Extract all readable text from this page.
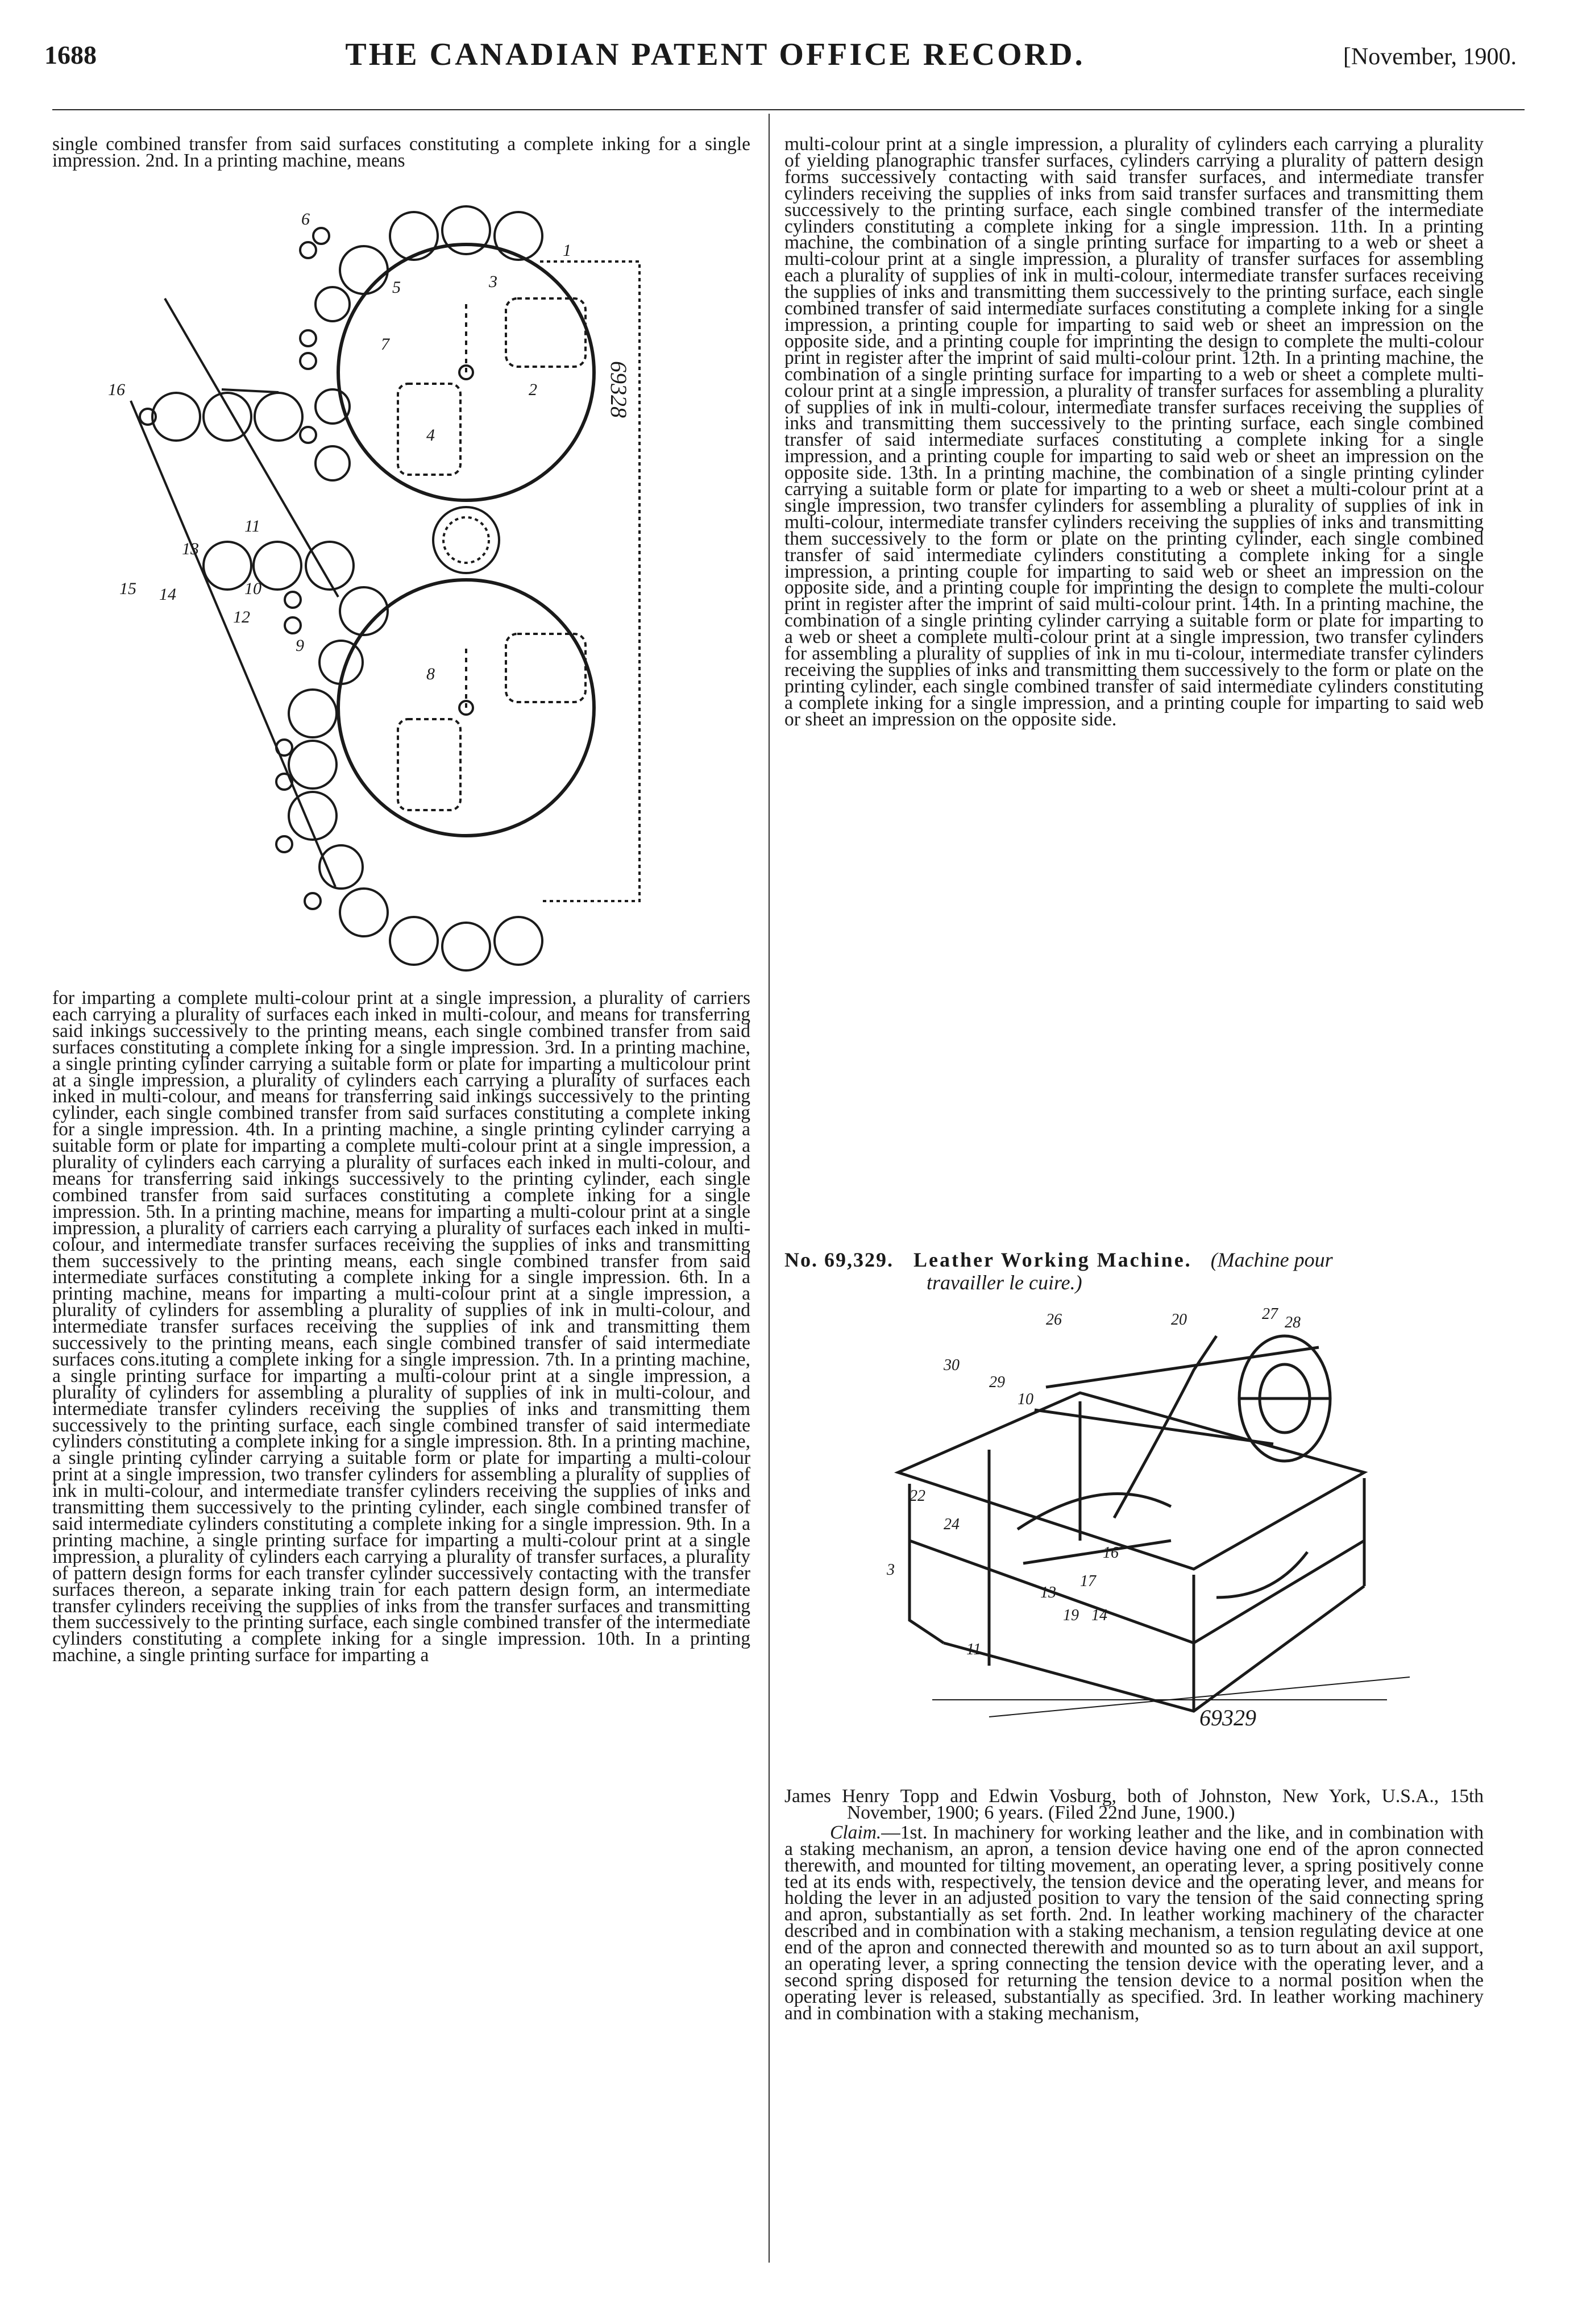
1688	THE CANADIAN PATENT OFFICE RECORD.	[November, 1900.

single combined transfer from said surfaces constituting a complete inking for a single impression. 2nd. In a printing machine, means

69328
16
15 14
13
12
11
10
9
8
7
6
5
4
3
2
1

for imparting a complete multi-colour print at a single impression, a plurality of carriers each carrying a plurality of surfaces each inked in multi-colour, and means for transferring said inkings successively to the printing means, each single combined transfer from said surfaces constituting a complete inking for a single impression. 3rd. In a printing machine, a single printing cylinder carrying a suitable form or plate for imparting a multicolour print at a single impression, a plurality of cylinders each carrying a plurality of surfaces each inked in multi-colour, and means for transferring said inkings successively to the printing cylinder, each single combined transfer from said surfaces constituting a complete inking for a single impression. 4th. In a printing machine, a single printing cylinder carrying a suitable form or plate for imparting a complete multi-colour print at a single impression, a plurality of cylinders each carrying a plurality of surfaces each inked in multi-colour, and means for transferring said inkings successively to the printing cylinder, each single combined transfer from said surfaces constituting a complete inking for a single impression. 5th. In a printing machine, means for imparting a multi-colour print at a single impression, a plurality of carriers each carrying a plurality of surfaces each inked in multi-colour, and intermediate transfer surfaces receiving the supplies of inks and transmitting them successively to the printing means, each single combined transfer from said intermediate surfaces constituting a complete inking for a single impression. 6th. In a printing machine, means for imparting a multi-colour print at a single impression, a plurality of cylinders for assembling a plurality of supplies of ink in multi-colour, and intermediate transfer surfaces receiving the supplies of ink and transmitting them successively to the printing means, each single combined transfer of said intermediate surfaces cons.ituting a complete inking for a single impression. 7th. In a printing machine, a single printing surface for imparting a multi-colour print at a single impression, a plurality of cylinders for assembling a plurality of supplies of ink in multi-colour, and intermediate transfer cylinders receiving the supplies of inks and transmitting them successively to the printing surface, each single combined transfer of said intermediate cylinders constituting a complete inking for a single impression. 8th. In a printing machine, a single printing cylinder carrying a suitable form or plate for imparting a multi-colour print at a single impression, two transfer cylinders for assembling a plurality of supplies of ink in multi-colour, and intermediate transfer cylinders receiving the supplies of inks and transmitting them successively to the printing cylinder, each single combined transfer of said intermediate cylinders constituting a complete inking for a single impression. 9th. In a printing machine, a single printing surface for imparting a multi-colour print at a single impression, a plurality of cylinders each carrying a plurality of transfer surfaces, a plurality of pattern design forms for each transfer cylinder successively contacting with the transfer surfaces thereon, a separate inking train for each pattern design form, an intermediate transfer cylinders receiving the supplies of inks from the transfer surfaces and transmitting them successively to the printing surface, each single combined transfer of the intermediate cylinders constituting a complete inking for a single impression. 10th. In a printing machine, a single printing surface for imparting a

multi-colour print at a single impression, a plurality of cylinders each carrying a plurality of yielding planographic transfer surfaces, cylinders carrying a plurality of pattern design forms successively contacting with said transfer surfaces, and intermediate transfer cylinders receiving the supplies of inks from said transfer surfaces and transmitting them successively to the printing surface, each single combined transfer of the intermediate cylinders constituting a complete inking for a single impression. 11th. In a printing machine, the combination of a single printing surface for imparting to a web or sheet a multi-colour print at a single impression, a plurality of transfer surfaces for assembling each a plurality of supplies of ink in multi-colour, intermediate transfer surfaces receiving the supplies of inks and transmitting them successively to the printing surface, each single combined transfer of said intermediate surfaces constituting a complete inking for a single impression, a printing couple for imparting to said web or sheet an impression on the opposite side, and a printing couple for imprinting the design to complete the multi-colour print in register after the imprint of said multi-colour print. 12th. In a printing machine, the combination of a single printing surface for imparting to a web or sheet a complete multi-colour print at a single impression, a plurality of transfer surfaces for assembling a plurality of supplies of ink in multi-colour, intermediate transfer surfaces receiving the supplies of inks and transmitting them successively to the printing surface, each single combined transfer of said intermediate surfaces constituting a complete inking for a single impression, and a printing couple for imparting to said web or sheet an impression on the opposite side. 13th. In a printing machine, the combination of a single printing cylinder carrying a suitable form or plate for imparting to a web or sheet a multi-colour print at a single impression, two transfer cylinders for assembling a plurality of supplies of ink in multi-colour, intermediate transfer cylinders receiving the supplies of inks and transmitting them successively to the form or plate on the printing cylinder, each single combined transfer of said intermediate cylinders constituting a complete inking for a single impression, a printing couple for imparting to said web or sheet an impression on the opposite side, and a printing couple for imprinting the design to complete the multi-colour print in register after the imprint of said multi-colour print. 14th. In a printing machine, the combination of a single printing cylinder carrying a suitable form or plate for imparting to a web or sheet a complete multi-colour print at a single impression, two transfer cylinders for assembling a plurality of supplies of ink in mu ti-colour, intermediate transfer cylinders receiving the supplies of inks and transmitting them successively to the form or plate on the printing cylinder, each single combined transfer of said intermediate cylinders constituting a complete inking for a single impression, and a printing couple for imparting to said web or sheet an impression on the opposite side.

No. 69,329. Leather Working Machine. (Machine pour
travailler le cuire.)
26	20	27 28
30
29
10
22
24
16
17
13
19 14
3
11
69329

James Henry Topp and Edwin Vosburg, both of Johnston, New York, U.S.A., 15th November, 1900; 6 years. (Filed 22nd June, 1900.)

Claim.—1st. In machinery for working leather and the like, and in combination with a staking mechanism, an apron, a tension device having one end of the apron connected therewith, and mounted for tilting movement, an operating lever, a spring positively conne ted at its ends with, respectively, the tension device and the operating lever, and means for holding the lever in an adjusted position to vary the tension of the said connecting spring and apron, substantially as set forth. 2nd. In leather working machinery of the character described and in combination with a staking mechanism, a tension regulating device at one end of the apron and connected therewith and mounted so as to turn about an axil support, an operating lever, a spring connecting the tension device with the operating lever, and a second spring disposed for returning the tension device to a normal position when the operating lever is released, substantially as specified. 3rd. In leather working machinery and in combination with a staking mechanism,
